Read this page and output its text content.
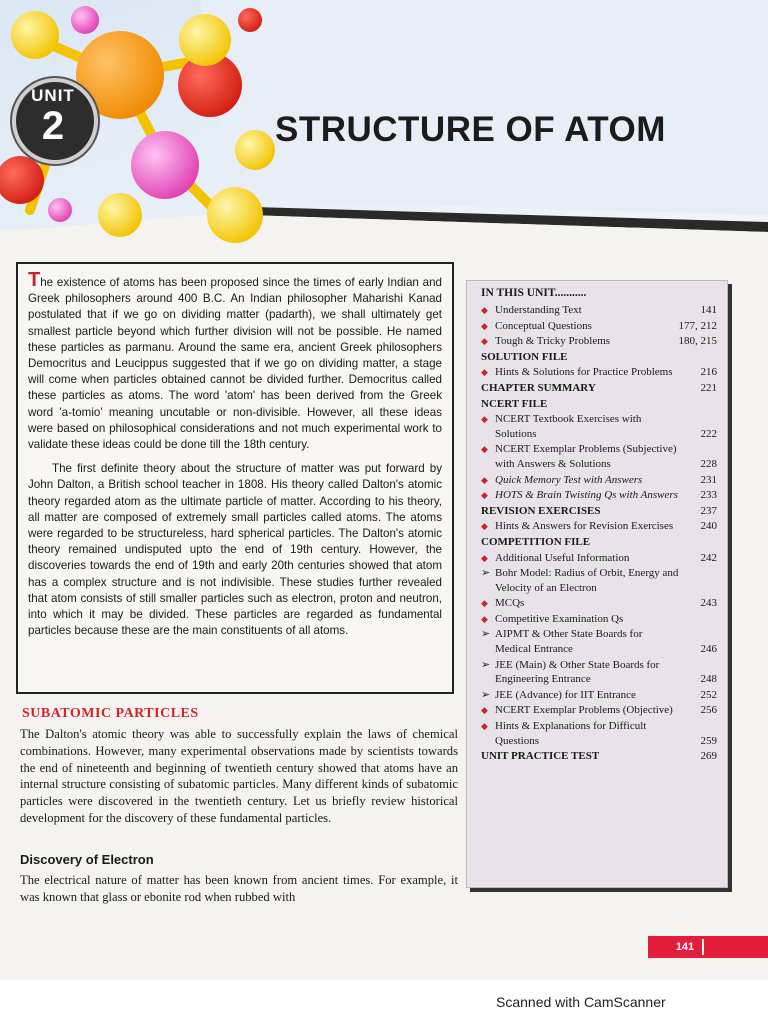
UNIT
2	STRUCTURE OF ATOM

The existence of atoms has been proposed since the times of early Indian and Greek philosophers around 400 B.C. An Indian philosopher Maharishi Kanad postulated that if we go on dividing matter (padarth), we shall ultimately get smallest particle beyond which further division will not be possible. He named these particles as parmanu. Around the same era, ancient Greek philosophers Democritus and Leucippus suggested that if we go on dividing matter, a stage will come when particles obtained cannot be divided further. Democritus called these particles as atoms. The word 'atom' has been derived from the Greek word 'a-tomio' meaning uncutable or non-divisible. However, all these ideas were based on philosophical considerations and not much experimental work to validate these ideas could be done till the 18th century.

The first definite theory about the structure of matter was put forward by John Dalton, a British school teacher in 1808. His theory called Dalton's atomic theory regarded atom as the ultimate particle of matter. According to his theory, all matter are composed of extremely small particles called atoms. The atoms were regarded to be structureless, hard spherical particles. The Dalton's atomic theory remained undisputed upto the end of 19th century. However, the discoveries towards the end of 19th and early 20th centuries showed that atom has a complex structure and is not indivisible. These studies further revealed that atom consists of still smaller particles such as electron, proton and neutron, into which it may be divided. These particles are regarded as fundamental particles because these are the main constituents of all atoms.

SUBATOMIC PARTICLES

The Dalton's atomic theory was able to successfully explain the laws of chemical combinations. However, many experimental observations made by scientists towards the end of nineteenth and beginning of twentieth century showed that atoms have an internal structure consisting of subatomic particles. Many different kinds of subatomic particles were discovered in the twentieth century. Let us briefly review historical development for the discovery of these fundamental particles.

Discovery of Electron

The electrical nature of matter has been known from ancient times. For example, it was known that glass or ebonite rod when rubbed with

IN THIS UNIT...........
◆ Understanding Text	141
◆ Conceptual Questions	177, 212
◆ Tough & Tricky Problems	180, 215
SOLUTION FILE
◆ Hints & Solutions for Practice Problems	216
CHAPTER SUMMARY	221
NCERT FILE
◆ NCERT Textbook Exercises with Solutions	222
◆ NCERT Exemplar Problems (Subjective) with Answers & Solutions	228
◆ Quick Memory Test with Answers	231
◆ HOTS & Brain Twisting Qs with Answers	233
REVISION EXERCISES	237
◆ Hints & Answers for Revision Exercises	240
COMPETITION FILE
◆ Additional Useful Information	242
➢ Bohr Model: Radius of Orbit, Energy and Velocity of an Electron
◆ MCQs	243
◆ Competitive Examination Qs
➢ AIPMT & Other State Boards for Medical Entrance	246
➢ JEE (Main) & Other State Boards for Engineering Entrance	248
➢ JEE (Advance) for IIT Entrance	252
◆ NCERT Exemplar Problems (Objective)	256
◆ Hints & Explanations for Difficult Questions	259
UNIT PRACTICE TEST	269
141
Scanned with CamScanner
